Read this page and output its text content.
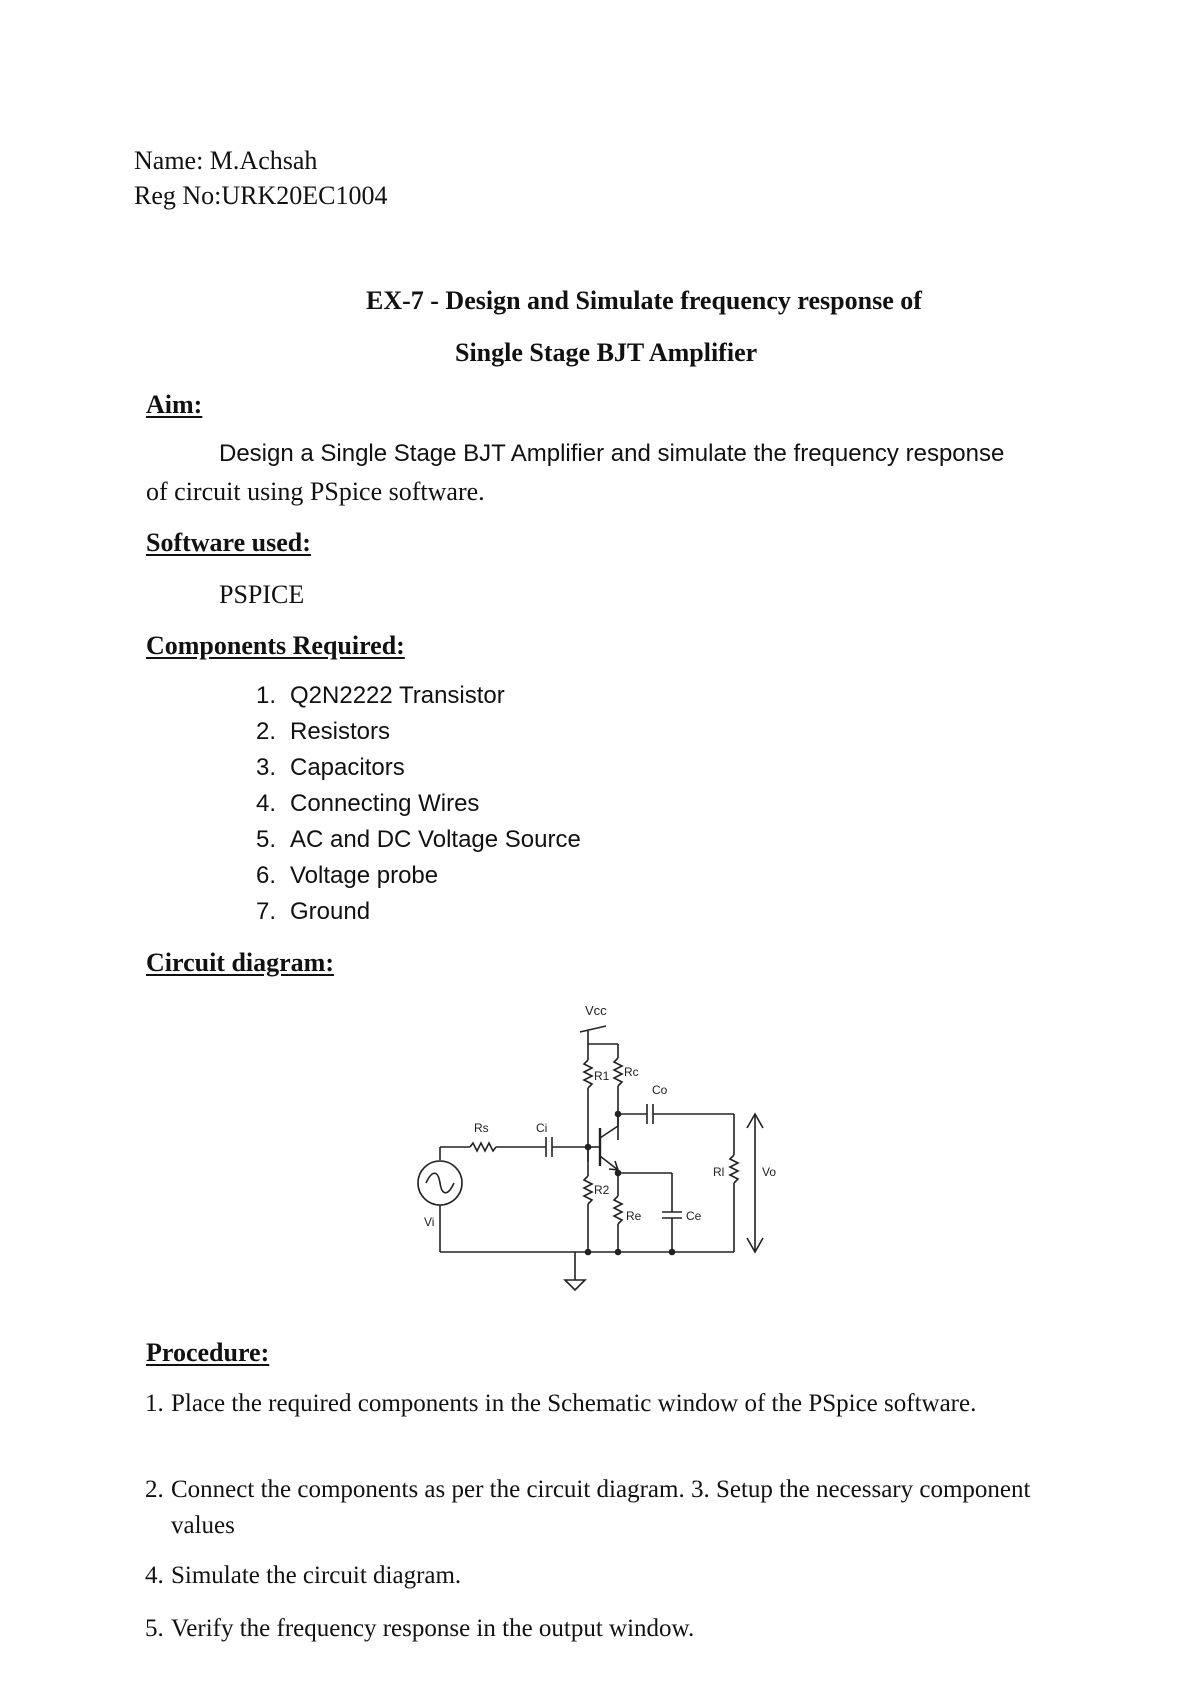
Name: M.Achsah
Reg No:URK20EC1004
EX-7 - Design and Simulate frequency response of
Single Stage BJT Amplifier
Aim:
Design a Single Stage BJT Amplifier and simulate the frequency response
of circuit using PSpice software.
Software used:
PSPICE
Components Required:
1. Q2N2222 Transistor
2. Resistors
3. Capacitors
4. Connecting Wires
5. AC and DC Voltage Source
6. Voltage probe
7. Ground
Circuit diagram:
Vcc
R1 Rc
Co
Rl	Vo
Re	Ce
R2
Rs	Ci
Vi
Procedure:
1. Place the required components in the Schematic window of the PSpice software.
2. Connect the components as per the circuit diagram. 3. Setup the necessary component values
4. Simulate the circuit diagram.
5. Verify the frequency response in the output window.
